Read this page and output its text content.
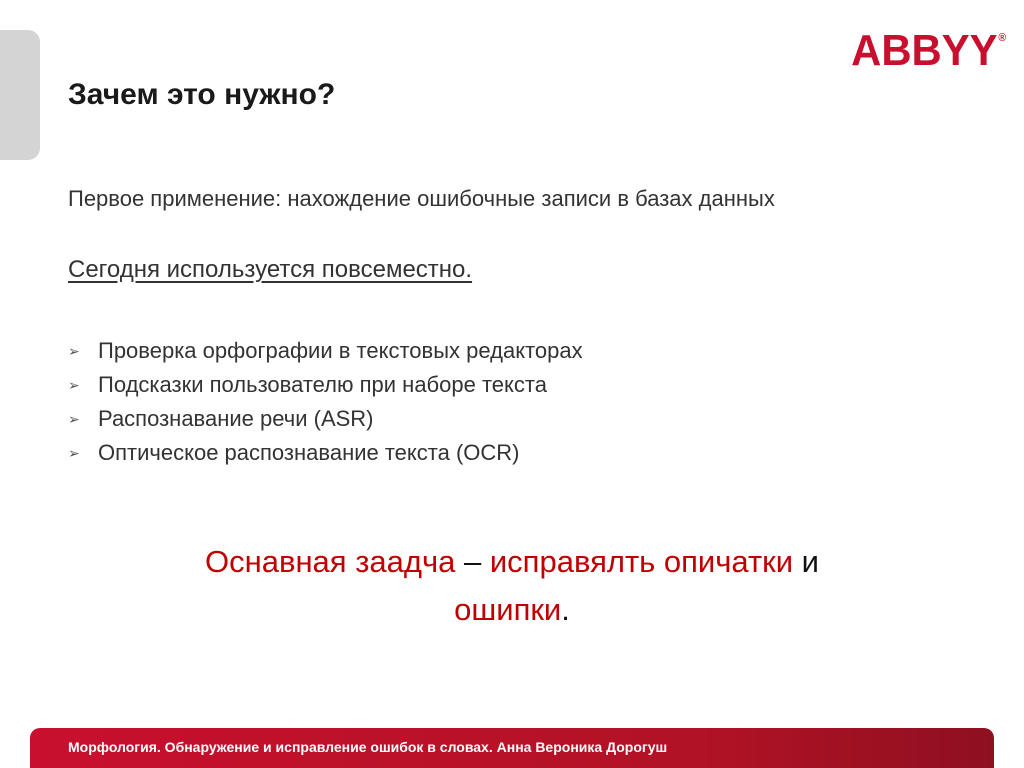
ABBYY®
Зачем это нужно?

Первое применение: нахождение ошибочные записи в базах данных

Сегодня используется повсеместно.

➢ Проверка орфографии в текстовых редакторах
➢ Подсказки пользователю при наборе текста
➢ Распознавание речи (ASR)
➢ Оптическое распознавание текста (OCR)

Оснавная заадча – исправялть опичатки и
ошипки.

Морфология. Обнаружение и исправление ошибок в словах. Анна Вероника Дорогуш
